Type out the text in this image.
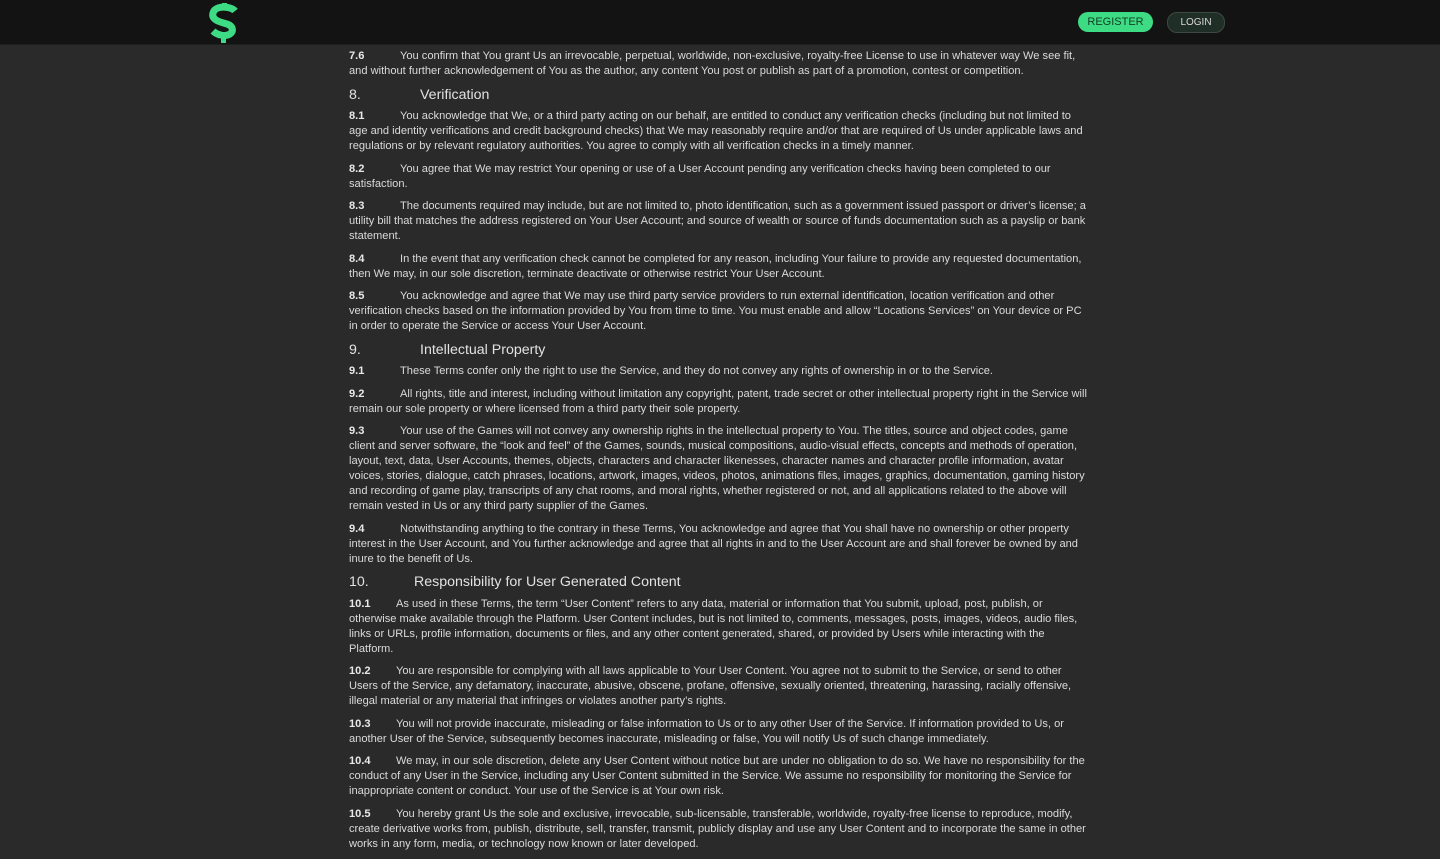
REGISTER	LOGIN
7.6	You confirm that You grant Us an irrevocable, perpetual, worldwide, non-exclusive, royalty-free License to use in whatever way We see fit, and without further acknowledgement of You as the author, any content You post or publish as part of a promotion, contest or competition.
8.	Verification
8.1	You acknowledge that We, or a third party acting on our behalf, are entitled to conduct any verification checks (including but not limited to age and identity verifications and credit background checks) that We may reasonably require and/or that are required of Us under applicable laws and regulations or by relevant regulatory authorities. You agree to comply with all verification checks in a timely manner.
8.2	You agree that We may restrict Your opening or use of a User Account pending any verification checks having been completed to our satisfaction.
8.3	The documents required may include, but are not limited to, photo identification, such as a government issued passport or driver’s license; a utility bill that matches the address registered on Your User Account; and source of wealth or source of funds documentation such as a payslip or bank statement.
8.4	In the event that any verification check cannot be completed for any reason, including Your failure to provide any requested documentation, then We may, in our sole discretion, terminate deactivate or otherwise restrict Your User Account.
8.5	You acknowledge and agree that We may use third party service providers to run external identification, location verification and other verification checks based on the information provided by You from time to time. You must enable and allow “Locations Services” on Your device or PC in order to operate the Service or access Your User Account.
9.	Intellectual Property
9.1	These Terms confer only the right to use the Service, and they do not convey any rights of ownership in or to the Service.
9.2	All rights, title and interest, including without limitation any copyright, patent, trade secret or other intellectual property right in the Service will remain our sole property or where licensed from a third party their sole property.
9.3	Your use of the Games will not convey any ownership rights in the intellectual property to You. The titles, source and object codes, game client and server software, the “look and feel” of the Games, sounds, musical compositions, audio-visual effects, concepts and methods of operation, layout, text, data, User Accounts, themes, objects, characters and character likenesses, character names and character profile information, avatar voices, stories, dialogue, catch phrases, locations, artwork, images, videos, photos, animations files, images, graphics, documentation, gaming history and recording of game play, transcripts of any chat rooms, and moral rights, whether registered or not, and all applications related to the above will remain vested in Us or any third party supplier of the Games.
9.4	Notwithstanding anything to the contrary in these Terms, You acknowledge and agree that You shall have no ownership or other property interest in the User Account, and You further acknowledge and agree that all rights in and to the User Account are and shall forever be owned by and inure to the benefit of Us.
10.	Responsibility for User Generated Content
10.1 As used in these Terms, the term “User Content” refers to any data, material or information that You submit, upload, post, publish, or otherwise make available through the Platform. User Content includes, but is not limited to, comments, messages, posts, images, videos, audio files, links or URLs, profile information, documents or files, and any other content generated, shared, or provided by Users while interacting with the Platform.
10.2 You are responsible for complying with all laws applicable to Your User Content. You agree not to submit to the Service, or send to other Users of the Service, any defamatory, inaccurate, abusive, obscene, profane, offensive, sexually oriented, threatening, harassing, racially offensive, illegal material or any material that infringes or violates another party’s rights.
10.3 You will not provide inaccurate, misleading or false information to Us or to any other User of the Service. If information provided to Us, or another User of the Service, subsequently becomes inaccurate, misleading or false, You will notify Us of such change immediately.
10.4 We may, in our sole discretion, delete any User Content without notice but are under no obligation to do so. We have no responsibility for the conduct of any User in the Service, including any User Content submitted in the Service. We assume no responsibility for monitoring the Service for inappropriate content or conduct. Your use of the Service is at Your own risk.
10.5 You hereby grant Us the sole and exclusive, irrevocable, sub-licensable, transferable, worldwide, royalty-free license to reproduce, modify, create derivative works from, publish, distribute, sell, transfer, transmit, publicly display and use any User Content and to incorporate the same in other works in any form, media, or technology now known or later developed.
